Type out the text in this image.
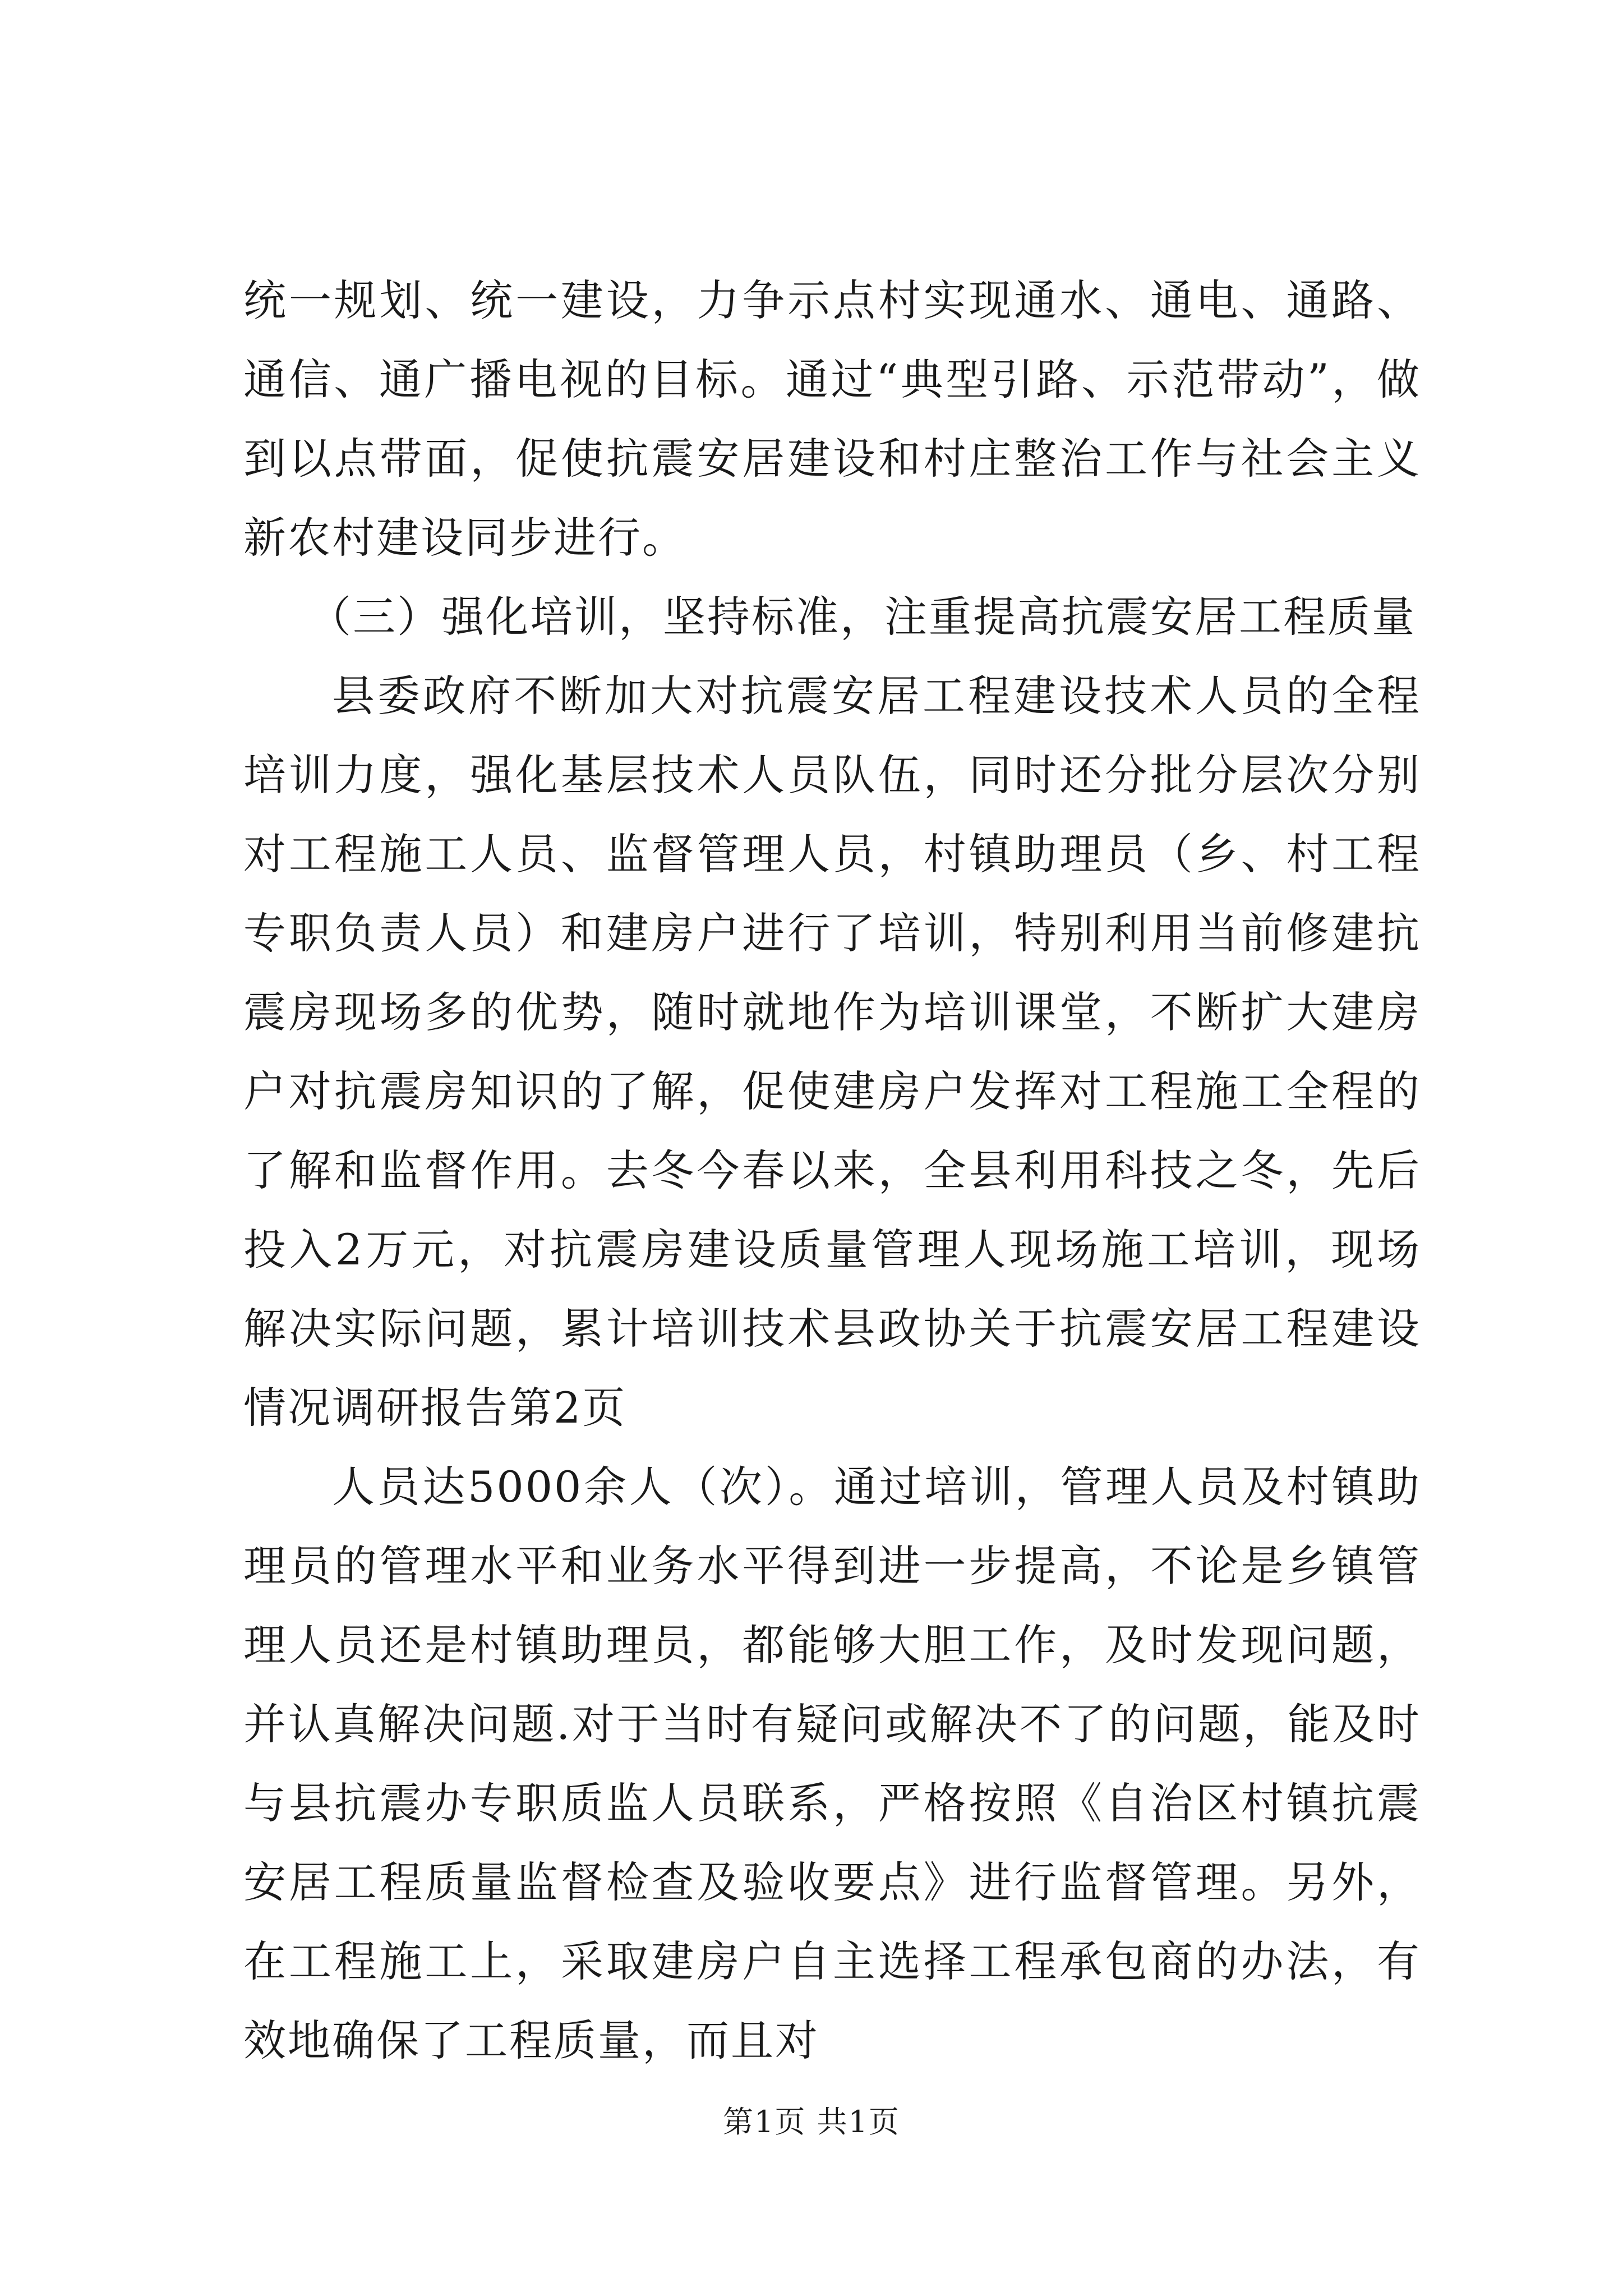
统一规划、统一建设，力争示点村实现通水、通电、通路、通信、通广播电视的目标。通过“典型引路、示范带动”，做到以点带面，促使抗震安居建设和村庄整治工作与社会主义新农村建设同步进行。

（三）强化培训，坚持标准，注重提高抗震安居工程质量

县委政府不断加大对抗震安居工程建设技术人员的全程培训力度，强化基层技术人员队伍，同时还分批分层次分别对工程施工人员、监督管理人员，村镇助理员（乡、村工程专职负责人员）和建房户进行了培训，特别利用当前修建抗震房现场多的优势，随时就地作为培训课堂，不断扩大建房户对抗震房知识的了解，促使建房户发挥对工程施工全程的了解和监督作用。去冬今春以来，全县利用科技之冬，先后投入2万元，对抗震房建设质量管理人现场施工培训，现场解决实际问题，累计培训技术县政协关于抗震安居工程建设情况调研报告第2页

人员达5000余人（次）。通过培训，管理人员及村镇助理员的管理水平和业务水平得到进一步提高，不论是乡镇管理人员还是村镇助理员，都能够大胆工作，及时发现问题，并认真解决问题.对于当时有疑问或解决不了的问题，能及时与县抗震办专职质监人员联系，严格按照《自治区村镇抗震安居工程质量监督检查及验收要点》进行监督管理。另外，在工程施工上，采取建房户自主选择工程承包商的办法，有效地确保了工程质量，而且对

第1页 共1页
